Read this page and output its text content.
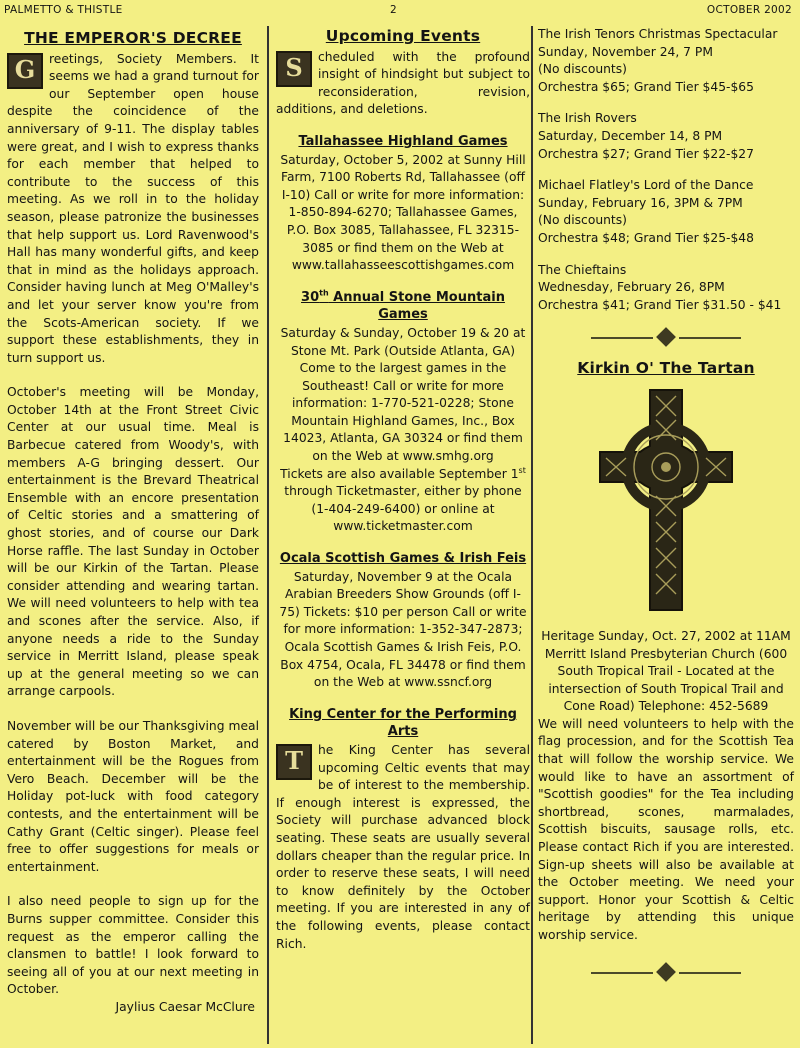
PALMETTO & THISTLE	2	OCTOBER 2002
THE EMPEROR'S DECREE

G	reetings, Society Members. It seems we had a grand turnout for our September open house despite the coincidence of the anniversary of 9-11. The display tables were great, and I wish to express thanks for each member that helped to contribute to the success of this meeting. As we roll in to the holiday season, please patronize the businesses that help support us. Lord Ravenwood's Hall has many wonderful gifts, and keep that in mind as the holidays approach. Consider having lunch at Meg O'Malley's and let your server know you're from the Scots-American society. If we support these establishments, they in turn support us.

October's meeting will be Monday, October 14th at the Front Street Civic Center at our usual time. Meal is Barbecue catered from Woody's, with members A-G bringing dessert. Our entertainment is the Brevard Theatrical Ensemble with an encore presentation of Celtic stories and a smattering of ghost stories, and of course our Dark Horse raffle. The last Sunday in October will be our Kirkin of the Tartan. Please consider attending and wearing tartan. We will need volunteers to help with tea and scones after the service. Also, if anyone needs a ride to the Sunday service in Merritt Island, please speak up at the general meeting so we can arrange carpools.

November will be our Thanksgiving meal catered by Boston Market, and entertainment will be the Rogues from Vero Beach. December will be the Holiday pot-luck with food category contests, and the entertainment will be Cathy Grant (Celtic singer). Please feel free to offer suggestions for meals or entertainment.

I also need people to sign up for the Burns supper committee. Consider this request as the emperor calling the clansmen to battle! I look forward to seeing all of you at our next meeting in October.

Jaylius Caesar McClure
Upcoming Events

S	cheduled with the profound insight of hindsight but subject to reconsideration, revision, additions, and deletions.

Tallahassee Highland Games
Saturday, October 5, 2002 at Sunny Hill Farm, 7100 Roberts Rd, Tallahassee (off I-10) Call or write for more information: 1-850-894-6270; Tallahassee Games, P.O. Box 3085, Tallahassee, FL 32315-3085 or find them on the Web at www.tallahasseescottishgames.com
30th Annual Stone Mountain Games
Saturday & Sunday, October 19 & 20 at Stone Mt. Park (Outside Atlanta, GA) Come to the largest games in the Southeast! Call or write for more information: 1-770-521-0228; Stone Mountain Highland Games, Inc., Box 14023, Atlanta, GA 30324 or find them on the Web at www.smhg.org
Tickets are also available September 1st through Ticketmaster, either by phone (1-404-249-6400) or online at www.ticketmaster.com
Ocala Scottish Games & Irish Feis
Saturday, November 9 at the Ocala Arabian Breeders Show Grounds (off I-75) Tickets: $10 per person Call or write for more information: 1-352-347-2873; Ocala Scottish Games & Irish Feis, P.O. Box 4754, Ocala, FL 34478 or find them on the Web at www.ssncf.org
King Center for the Performing Arts
T	he King Center has several upcoming Celtic events that may be of interest to the membership. If enough interest is expressed, the Society will purchase advanced block seating. These seats are usually several dollars cheaper than the regular price. In order to reserve these seats, I will need to know definitely by the October meeting. If you are interested in any of the following events, please contact Rich.
The Irish Tenors Christmas Spectacular
Sunday, November 24, 7 PM
(No discounts)
Orchestra $65; Grand Tier $45-$65
The Irish Rovers
Saturday, December 14, 8 PM
Orchestra $27; Grand Tier $22-$27
Michael Flatley's Lord of the Dance
Sunday, February 16, 3PM & 7PM
(No discounts)
Orchestra $48; Grand Tier $25-$48
The Chieftains
Wednesday, February 26, 8PM
Orchestra $41; Grand Tier $31.50 - $41
Kirkin O' The Tartan
Heritage Sunday, Oct. 27, 2002 at 11AM Merritt Island Presbyterian Church (600 South Tropical Trail - Located at the intersection of South Tropical Trail and Cone Road) Telephone: 452-5689
We will need volunteers to help with the flag procession, and for the Scottish Tea that will follow the worship service. We would like to have an assortment of "Scottish goodies" for the Tea including shortbread, scones, marmalades, Scottish biscuits, sausage rolls, etc. Please contact Rich if you are interested. Sign-up sheets will also be available at the October meeting. We need your support. Honor your Scottish & Celtic heritage by attending this unique worship service.
